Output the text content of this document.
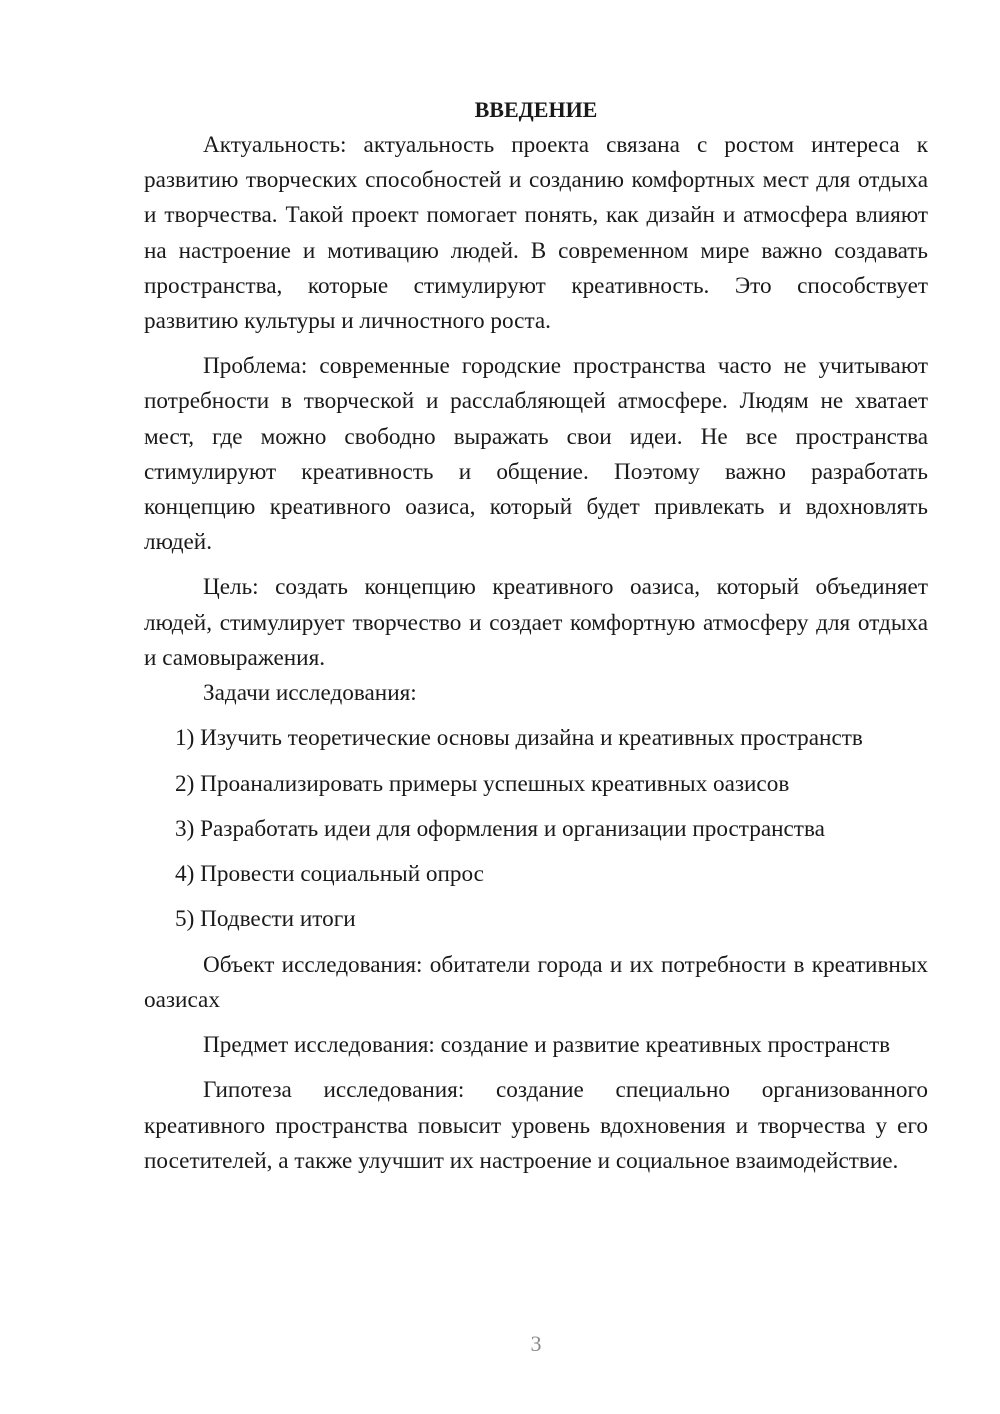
ВВЕДЕНИЕ

Актуальность: актуальность проекта связана с ростом интереса к развитию творческих способностей и созданию комфортных мест для отдыха и творчества. Такой проект помогает понять, как дизайн и атмосфера влияют на настроение и мотивацию людей. В современном мире важно создавать пространства, которые стимулируют креативность. Это способствует развитию культуры и личностного роста.

Проблема: современные городские пространства часто не учитывают потребности в творческой и расслабляющей атмосфере. Людям не хватает мест, где можно свободно выражать свои идеи. Не все пространства стимулируют креативность и общение. Поэтому важно разработать концепцию креативного оазиса, который будет привлекать и вдохновлять людей.

Цель: создать концепцию креативного оазиса, который объединяет людей, стимулирует творчество и создает комфортную атмосферу для отдыха и самовыражения.

Задачи исследования:

1) Изучить теоретические основы дизайна и креативных пространств
2) Проанализировать примеры успешных креативных оазисов
3) Разработать идеи для оформления и организации пространства
4) Провести социальный опрос
5) Подвести итоги

Объект исследования: обитатели города и их потребности в креативных оазисах

Предмет исследования: создание и развитие креативных пространств

Гипотеза исследования: создание специально организованного креативного пространства повысит уровень вдохновения и творчества у его посетителей, а также улучшит их настроение и социальное взаимодействие.

3
